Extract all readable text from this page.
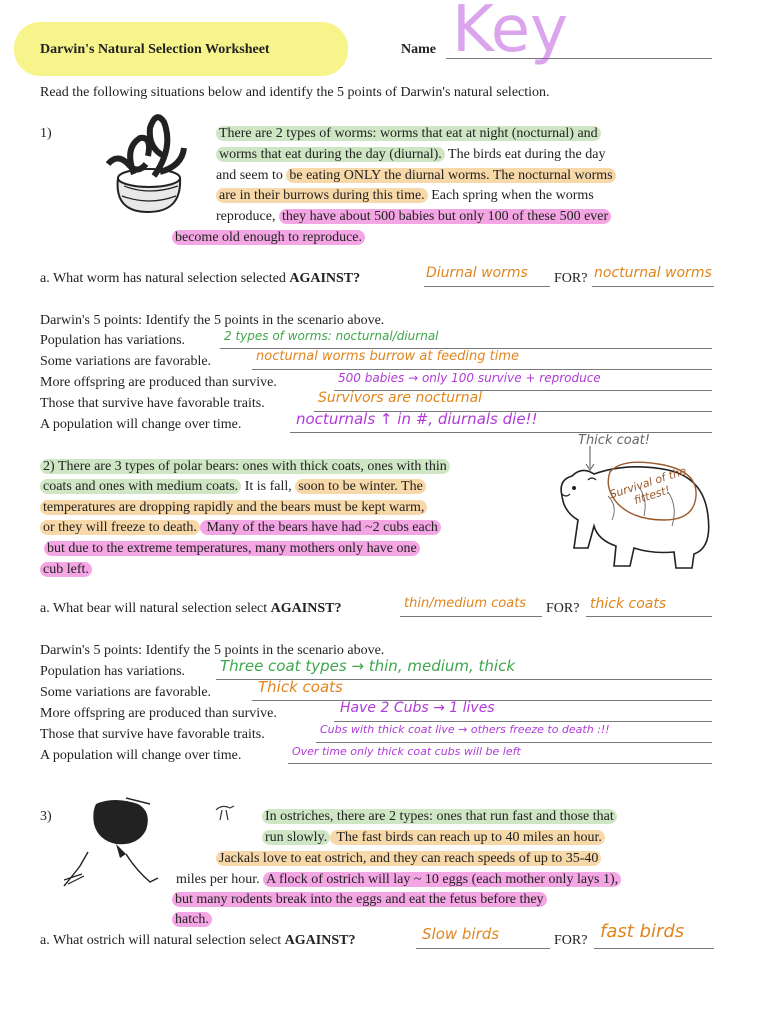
Darwin's Natural Selection Worksheet	Name Key
Read the following situations below and identify the 5 points of Darwin's natural selection.
1)	There are 2 types of worms: worms that eat at night (nocturnal) and
worms that eat during the day (diurnal). The birds eat during the day
and seem to be eating ONLY the diurnal worms. The nocturnal worms
are in their burrows during this time. Each spring when the worms
reproduce, they have about 500 babies but only 100 of these 500 ever
become old enough to reproduce.
a. What worm has natural selection selected AGAINST?	Diurnal worms FOR? nocturnal worms
Darwin's 5 points: Identify the 5 points in the scenario above.
Population has variations.	2 types of worms: nocturnal/diurnal
Some variations are favorable.	nocturnal worms burrow at feeding time
More offspring are produced than survive.	500 babies → only 100 survive + reproduce
Those that survive have favorable traits.	Survivors are nocturnal
A population will change over time.	nocturnals ↑ in #, diurnals die!!
2) There are 3 types of polar bears: ones with thick coats, ones with thin
coats and ones with medium coats. It is fall, soon to be winter. The
temperatures are dropping rapidly and the bears must be kept warm,
or they will freeze to death. Many of the bears have had ~2 cubs each
but due to the extreme temperatures, many mothers only have one
cub left.
Thick coat!
Survival of the fittest!
a. What bear will natural selection select AGAINST?	thin/medium coats FOR? thick coats
Darwin's 5 points: Identify the 5 points in the scenario above.
Population has variations. Three coat types → thin, medium, thick
Some variations are favorable.	Thick coats
More offspring are produced than survive.	Have 2 Cubs → 1 lives
Those that survive have favorable traits.	Cubs with thick coat live → others freeze to death :!!
A population will change over time.	Over time only thick coat cubs will be left
3)	In ostriches, there are 2 types: ones that run fast and those that
run slowly. The fast birds can reach up to 40 miles an hour.
Jackals love to eat ostrich, and they can reach speeds of up to 35-40
miles per hour. A flock of ostrich will lay ~ 10 eggs (each mother only lays 1),
but many rodents break into the eggs and eat the fetus before they
hatch.
a. What ostrich will natural selection select AGAINST?	Slow birds	FOR? fast birds
